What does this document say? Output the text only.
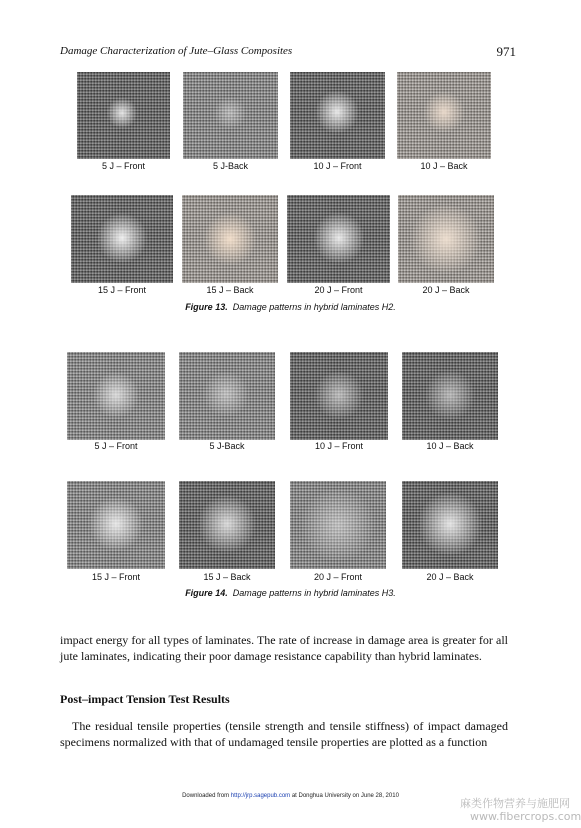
Damage Characterization of Jute–Glass Composites	971
5 J – Front	5 J-Back	10 J – Front	10 J – Back
15 J – Front	15 J – Back	20 J – Front	20 J – Back
Figure 13. Damage patterns in hybrid laminates H2.
5 J – Front	5 J-Back	10 J – Front	10 J – Back
15 J – Front	15 J – Back	20 J – Front	20 J – Back
Figure 14. Damage patterns in hybrid laminates H3.
impact energy for all types of laminates. The rate of increase in damage area is greater for all jute laminates, indicating their poor damage resistance capability than hybrid laminates.
Post–impact Tension Test Results
The residual tensile properties (tensile strength and tensile stiffness) of impact damaged specimens normalized with that of undamaged tensile properties are plotted as a function
Downloaded from http://jrp.sagepub.com at Donghua University on June 28, 2010
麻类作物营养与施肥网
www.fibercrops.com
